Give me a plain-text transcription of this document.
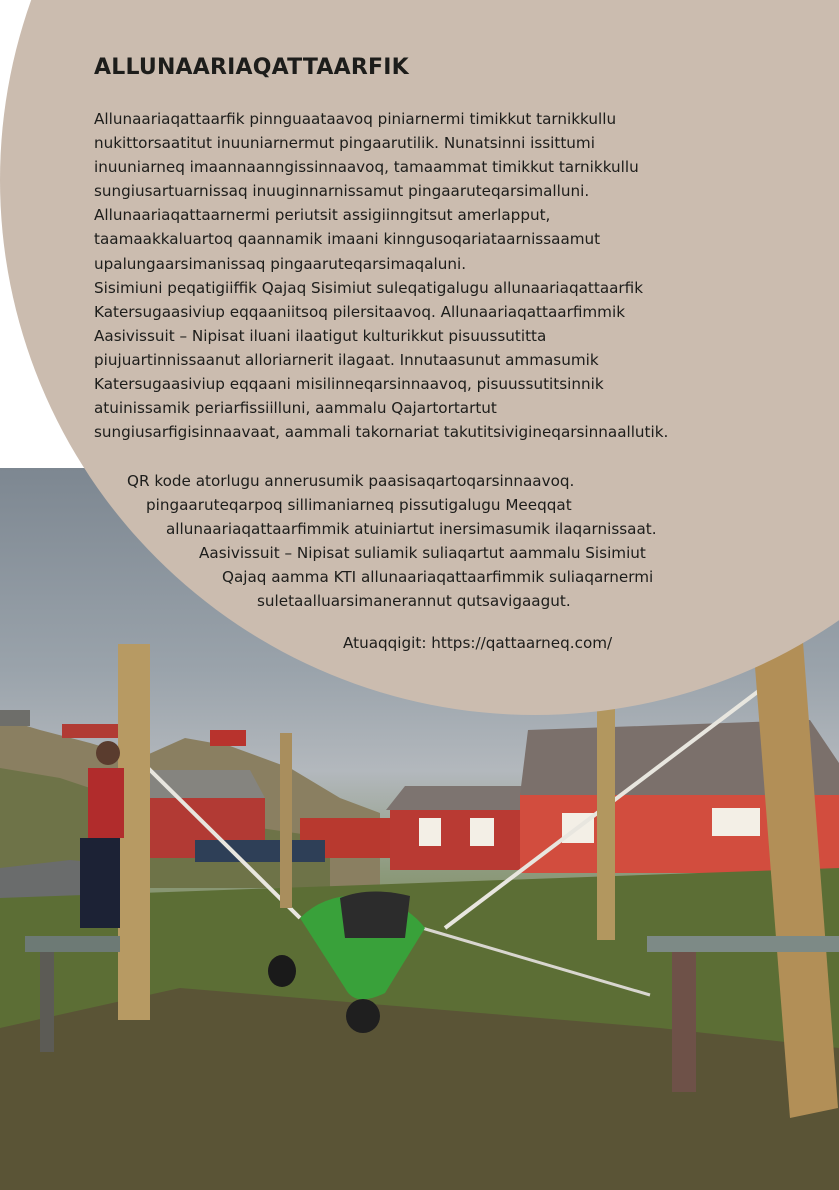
ALLUNAARIAQATTAARFIK
Allunaariaqattaarfik pinnguaataavoq piniarnermi timikkut tarnikkullu
nukittorsaatitut inuuniarnermut pingaarutilik. Nunatsinni issittumi
inuuniarneq imaannaanngissinnaavoq, tamaammat timikkut tarnikkullu
sungiusartuarnissaq inuuginnarnissamut pingaaruteqarsimalluni.
Allunaariaqattaarnermi periutsit assigiinngitsut amerlapput,
taamaakkaluartoq qaannamik imaani kinngusoqariataarnissaamut
upalungaarsimanissaq pingaaruteqarsimaqaluni.
Sisimiuni peqatigiiffik Qajaq Sisimiut suleqatigalugu allunaariaqattaarfik
Katersugaasiviup eqqaaniitsoq pilersitaavoq. Allunaariaqattaarfimmik
Aasivissuit – Nipisat iluani ilaatigut kulturikkut pisuussutitta
piujuartinnissaanut alloriarnerit ilagaat. Innutaasunut ammasumik
Katersugaasiviup eqqaani misilinneqarsinnaavoq, pisuussutitsinnik
atuinissamik periarfissiilluni, aammalu Qajartortartut
sungiusarfigisinnaavaat, aammali takornariat takutitsivigineqarsinnaallutik.
QR kode atorlugu annerusumik paasisaqartoqarsinnaavoq.
pingaaruteqarpoq sillimaniarneq pissutigalugu Meeqqat
allunaariaqattaarfimmik atuiniartut inersimasumik ilaqarnissaat.
Aasivissuit – Nipisat suliamik suliaqartut aammalu Sisimiut
Qajaq aamma KTI allunaariaqattaarfimmik suliaqarnermi
suletaalluarsimanerannut qutsavigaagut.
Atuaqqigit: https://qattaarneq.com/
